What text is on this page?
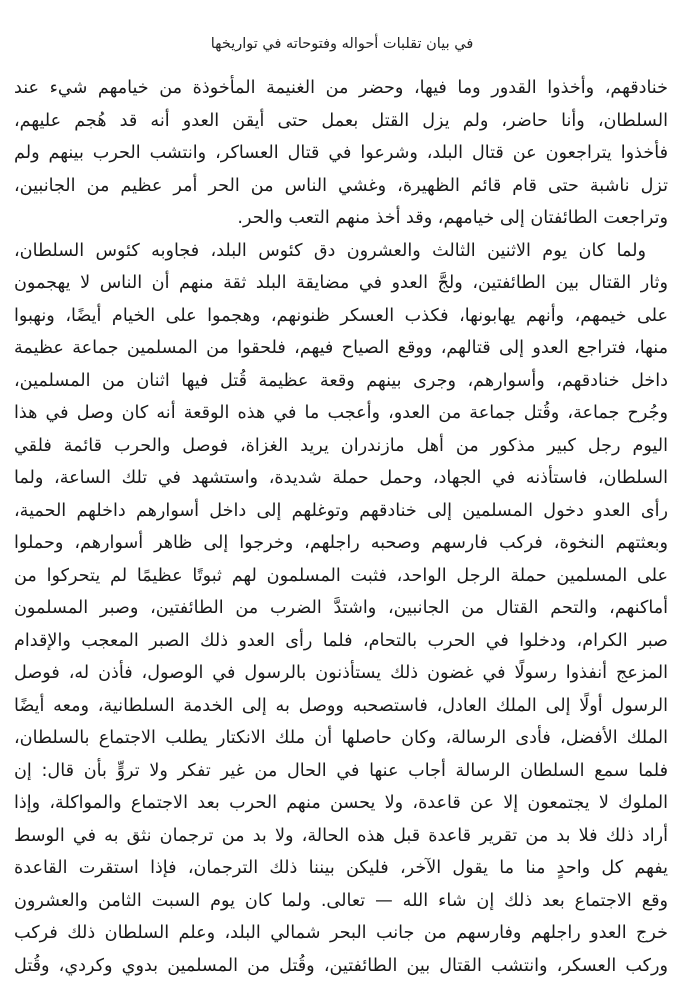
في بيان تقلبات أحواله وفتوحاته في تواريخها
خنادقهم، وأخذوا القدور وما فيها، وحضر من الغنيمة المأخوذة من خيامهم شيء عند
السلطان، وأنا حاضر، ولم يزل القتل بعمل حتى أيقن العدو أنه قد هُجم عليهم،
فأخذوا يتراجعون عن قتال البلد، وشرعوا في قتال العساكر، وانتشب الحرب بينهم ولم
تزل ناشبة حتى قام قائم الظهيرة، وغشي الناس من الحر أمر عظيم من الجانبين،
وتراجعت الطائفتان إلى خيامهم، وقد أخذ منهم التعب والحر.
ولما كان يوم الاثنين الثالث والعشرون دق كئوس البلد، فجاوبه كئوس السلطان،
وثار القتال بين الطائفتين، ولجَّ العدو في مضايقة البلد ثقة منهم أن الناس لا يهجمون
على خيمهم، وأنهم يهابونها، فكذب العسكر ظنونهم، وهجموا على الخيام أيضًا، ونهبوا
منها، فتراجع العدو إلى قتالهم، ووقع الصياح فيهم، فلحقوا من المسلمين جماعة عظيمة
داخل خنادقهم، وأسوارهم، وجرى بينهم وقعة عظيمة قُتل فيها اثنان من المسلمين،
وجُرح جماعة، وقُتل جماعة من العدو، وأعجب ما في هذه الوقعة أنه كان وصل في هذا
اليوم رجل كبير مذكور من أهل مازندران يريد الغزاة، فوصل والحرب قائمة فلقي
السلطان، فاستأذنه في الجهاد، وحمل حملة شديدة، واستشهد في تلك الساعة، ولما
رأى العدو دخول المسلمين إلى خنادقهم وتوغلهم إلى داخل أسوارهم داخلهم الحمية،
وبعثتهم النخوة، فركب فارسهم وصحبه راجلهم، وخرجوا إلى ظاهر أسوارهم، وحملوا
على المسلمين حملة الرجل الواحد، فثبت المسلمون لهم ثبوتًا عظيمًا لم يتحركوا من
أماكنهم، والتحم القتال من الجانبين، واشتدَّ الضرب من الطائفتين، وصبر المسلمون
صبر الكرام، ودخلوا في الحرب بالتحام، فلما رأى العدو ذلك الصبر المعجب والإقدام
المزعج أنفذوا رسولًا في غضون ذلك يستأذنون بالرسول في الوصول، فأذن له، فوصل
الرسول أولًا إلى الملك العادل، فاستصحبه ووصل به إلى الخدمة السلطانية، ومعه أيضًا
الملك الأفضل، فأدى الرسالة، وكان حاصلها أن ملك الانكتار يطلب الاجتماع بالسلطان،
فلما سمع السلطان الرسالة أجاب عنها في الحال من غير تفكر ولا تروٍّ بأن قال: إن
الملوك لا يجتمعون إلا عن قاعدة، ولا يحسن منهم الحرب بعد الاجتماع والمواكلة، وإذا
أراد ذلك فلا بد من تقرير قاعدة قبل هذه الحالة، ولا بد من ترجمان نثق به في الوسط
يفهم كل واحدٍ منا ما يقول الآخر، فليكن بيننا ذلك الترجمان، فإذا استقرت القاعدة
وقع الاجتماع بعد ذلك إن شاء الله — تعالى. ولما كان يوم السبت الثامن والعشرون
خرج العدو راجلهم وفارسهم من جانب البحر شمالي البلد، وعلم السلطان ذلك فركب
وركب العسكر، وانتشب القتال بين الطائفتين، وقُتل من المسلمين بدوي وكردي، وقُتل
